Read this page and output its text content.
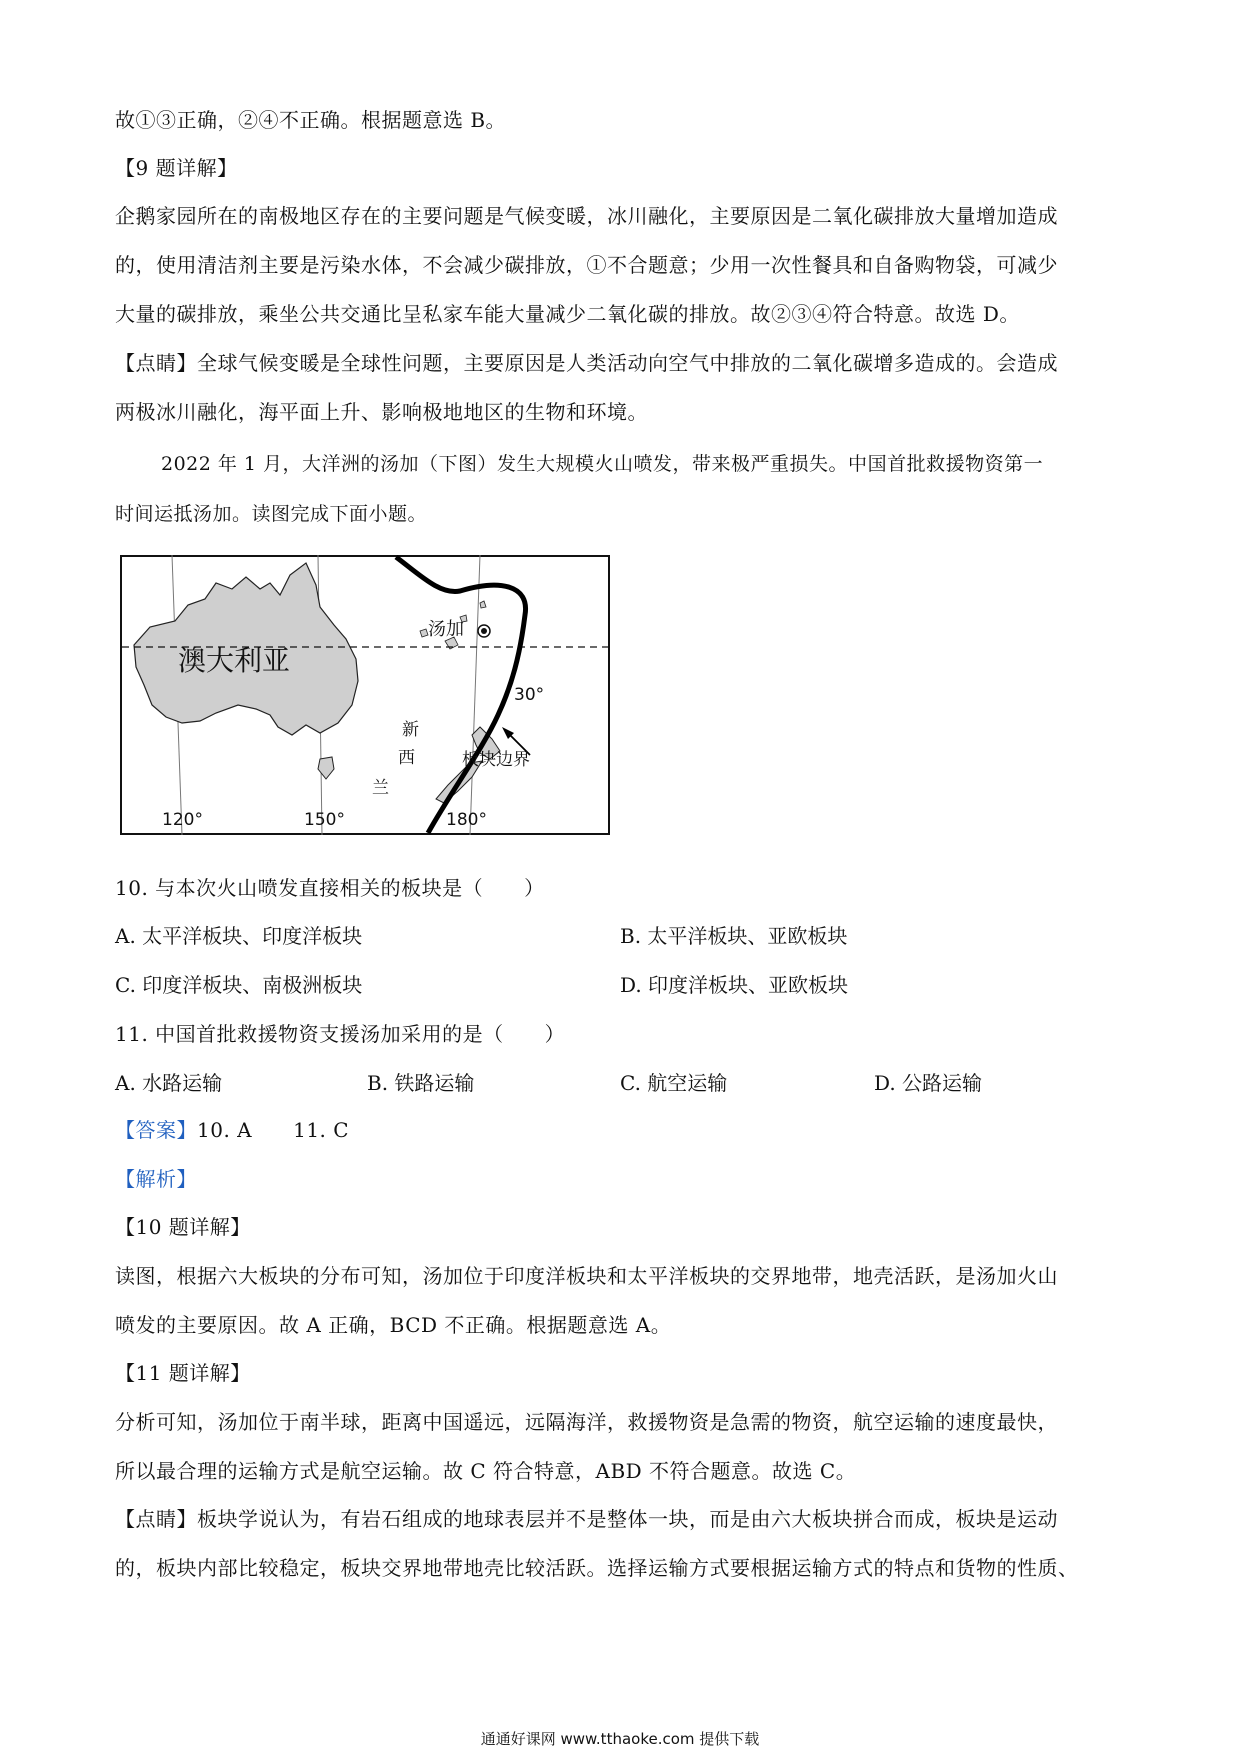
故①③正确，②④不正确。根据题意选 B。
【9 题详解】
企鹅家园所在的南极地区存在的主要问题是气候变暖，冰川融化，主要原因是二氧化碳排放大量增加造成
的，使用清洁剂主要是污染水体，不会减少碳排放，①不合题意；少用一次性餐具和自备购物袋，可减少
大量的碳排放，乘坐公共交通比呈私家车能大量减少二氧化碳的排放。故②③④符合特意。故选 D。
【点睛】全球气候变暖是全球性问题，主要原因是人类活动向空气中排放的二氧化碳增多造成的。会造成
两极冰川融化，海平面上升、影响极地地区的生物和环境。
2022 年 1 月，大洋洲的汤加（下图）发生大规模火山喷发，带来极严重损失。中国首批救援物资第一
时间运抵汤加。读图完成下面小题。
澳大利亚
汤加
30°
新
西
兰
板块边界
120°	150°	180°
10. 与本次火山喷发直接相关的板块是（　　）
A. 太平洋板块、印度洋板块	B. 太平洋板块、亚欧板块
C. 印度洋板块、南极洲板块	D. 印度洋板块、亚欧板块
11. 中国首批救援物资支援汤加采用的是（　　）
A. 水路运输	B. 铁路运输	C. 航空运输	D. 公路运输
【答案】10. A　　11. C
【解析】
【10 题详解】
读图，根据六大板块的分布可知，汤加位于印度洋板块和太平洋板块的交界地带，地壳活跃，是汤加火山
喷发的主要原因。故 A 正确，BCD 不正确。根据题意选 A。
【11 题详解】
分析可知，汤加位于南半球，距离中国遥远，远隔海洋，救援物资是急需的物资，航空运输的速度最快，
所以最合理的运输方式是航空运输。故 C 符合特意，ABD 不符合题意。故选 C。
【点睛】板块学说认为，有岩石组成的地球表层并不是整体一块，而是由六大板块拼合而成，板块是运动
的，板块内部比较稳定，板块交界地带地壳比较活跃。选择运输方式要根据运输方式的特点和货物的性质、
通通好课网 www.tthaoke.com 提供下载
